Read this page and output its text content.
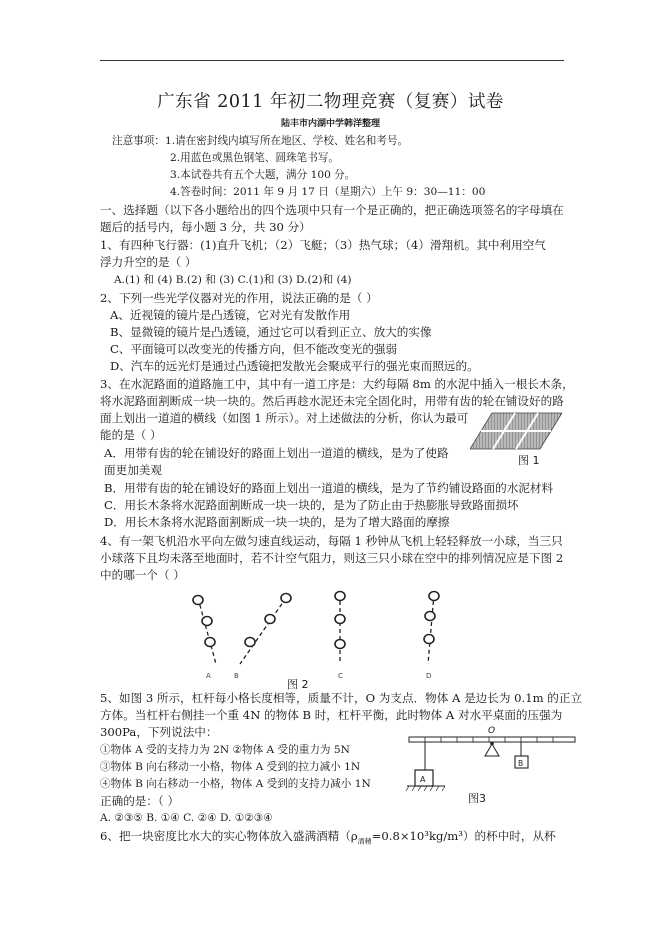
广东省 2011 年初二物理竞赛（复赛）试卷
陆丰市内湖中学韩洋整理
注意事项：1.请在密封线内填写所在地区、学校、姓名和考号。
2.用蓝色或黑色钢笔、圆珠笔书写。
3.本试卷共有五个大题，满分 100 分。
4.答卷时间：2011 年 9 月 17 日（星期六）上午 9：30—11：00
一、选择题（以下各小题给出的四个选项中只有一个是正确的，把正确选项签名的字母填在
题后的括号内，每小题 3 分，共 30 分）
1、有四种飞行器：(1)直升飞机；（2）飞艇；（3）热气球；（4）滑翔机。其中利用空气
浮力升空的是（ ）
A.(1) 和 (4) B.(2) 和 (3) C.(1)和 (3) D.(2)和 (4)
2、下列一些光学仪器对光的作用，说法正确的是（ ）
A、近视镜的镜片是凸透镜，它对光有发散作用
B、显微镜的镜片是凸透镜，通过它可以看到正立、放大的实像
C、平面镜可以改变光的传播方向，但不能改变光的强弱
D、汽车的远光灯是通过凸透镜把发散光会聚成平行的强光束而照远的。
3、在水泥路面的道路施工中，其中有一道工序是：大约每隔 8m 的水泥中插入一根长木条，
将水泥路面割断成一块一块的。然后再趁水泥还未完全固化时，用带有齿的轮在铺设好的路
面上划出一道道的横线（如图 1 所示）。对上述做法的分析，你认为最可
能的是（ ）
A．用带有齿的轮在铺设好的路面上划出一道道的横线，是为了使路
面更加美观
B．用带有齿的轮在铺设好的路面上划出一道道的横线，是为了节约铺设路面的水泥材料
C．用长木条将水泥路面割断成一块一块的，是为了防止由于热膨胀导致路面损坏
D．用长木条将水泥路面割断成一块一块的，是为了增大路面的摩擦
图 1
4、有一架飞机沿水平向左做匀速直线运动，每隔 1 秒钟从飞机上轻轻释放一小球，当三只
小球落下且均未落至地面时，若不计空气阻力，则这三只小球在空中的排列情况应是下图 2
中的哪一个（ ）
A	B	C	D
图 2
5、如图 3 所示，杠杆每小格长度相等，质量不计，O 为支点．物体 A 是边长为 0.1m 的正立
方体。当杠杆右侧挂一个重 4N 的物体 B 时，杠杆平衡，此时物体 A 对水平桌面的压强为
300Pa，下列说法中：
①物体 A 受的支持力为 2N ②物体 A 受的重力为 5N
③物体 B 向右移动一小格，物体 A 受到的拉力减小 1N
④物体 B 向右移动一小格，物体 A 受到的支持力减小 1N
正确的是：（ ）
A. ②③⑤ B. ①④ C. ②④ D. ①②③④
O
A
B
图3
6、把一块密度比水大的实心物体放入盛满酒精$(\rho_{酒精}=0.8\times 10^3kg/m^3)$的杯中时，从杯
